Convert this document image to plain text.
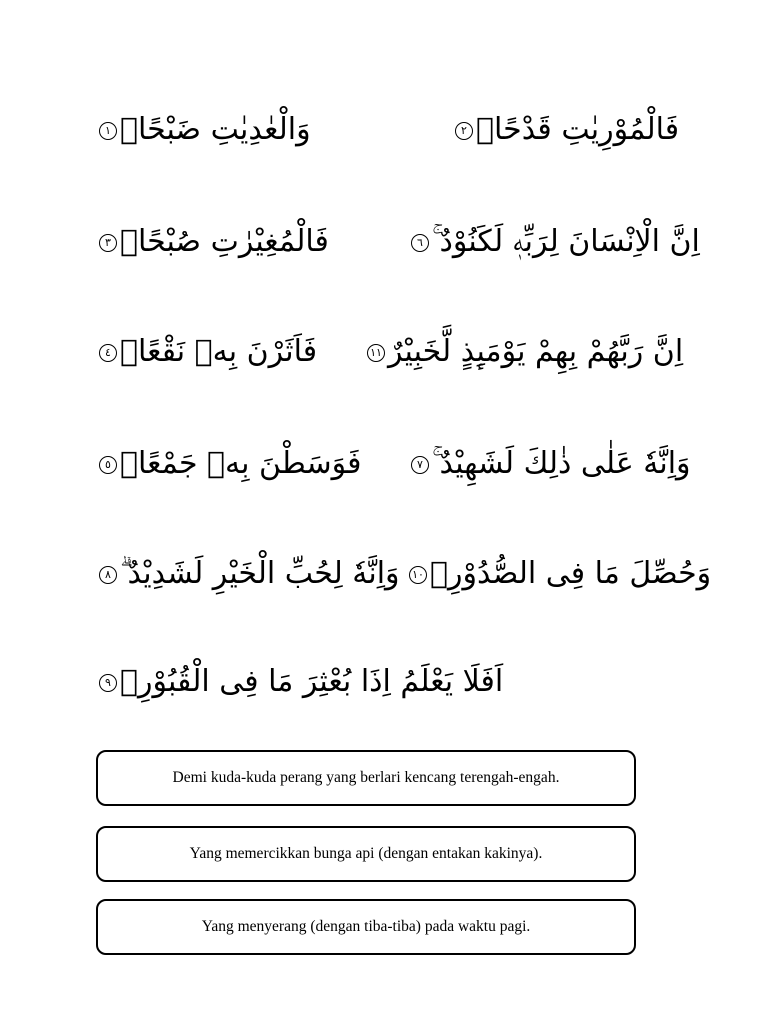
وَالْعٰدِيٰتِ ضَبْحًاۙ١	فَالْمُوْرِيٰتِ قَدْحًاۙ٢
فَالْمُغِيْرٰتِ صُبْحًاۙ٣	اِنَّ الْاِنْسَانَ لِرَبِّهٖ لَكَنُوْدٌ ۚ٦
فَاَثَرْنَ بِهٖ نَقْعًاۙ٤	اِنَّ رَبَّهُمْ بِهِمْ يَوْمَىِٕذٍ لَّخَبِيْرٌ١١
فَوَسَطْنَ بِهٖ جَمْعًاۙ٥	وَاِنَّهٗ عَلٰى ذٰلِكَ لَشَهِيْدٌ ۚ٧
وَاِنَّهٗ لِحُبِّ الْخَيْرِ لَشَدِيْدٌ ۗ٨	وَحُصِّلَ مَا فِى الصُّدُوْرِۙ١٠
اَفَلَا يَعْلَمُ اِذَا بُعْثِرَ مَا فِى الْقُبُوْرِۙ٩
Demi kuda-kuda perang yang berlari kencang terengah-engah.
Yang memercikkan bunga api (dengan entakan kakinya).
Yang menyerang (dengan tiba-tiba) pada waktu pagi.
